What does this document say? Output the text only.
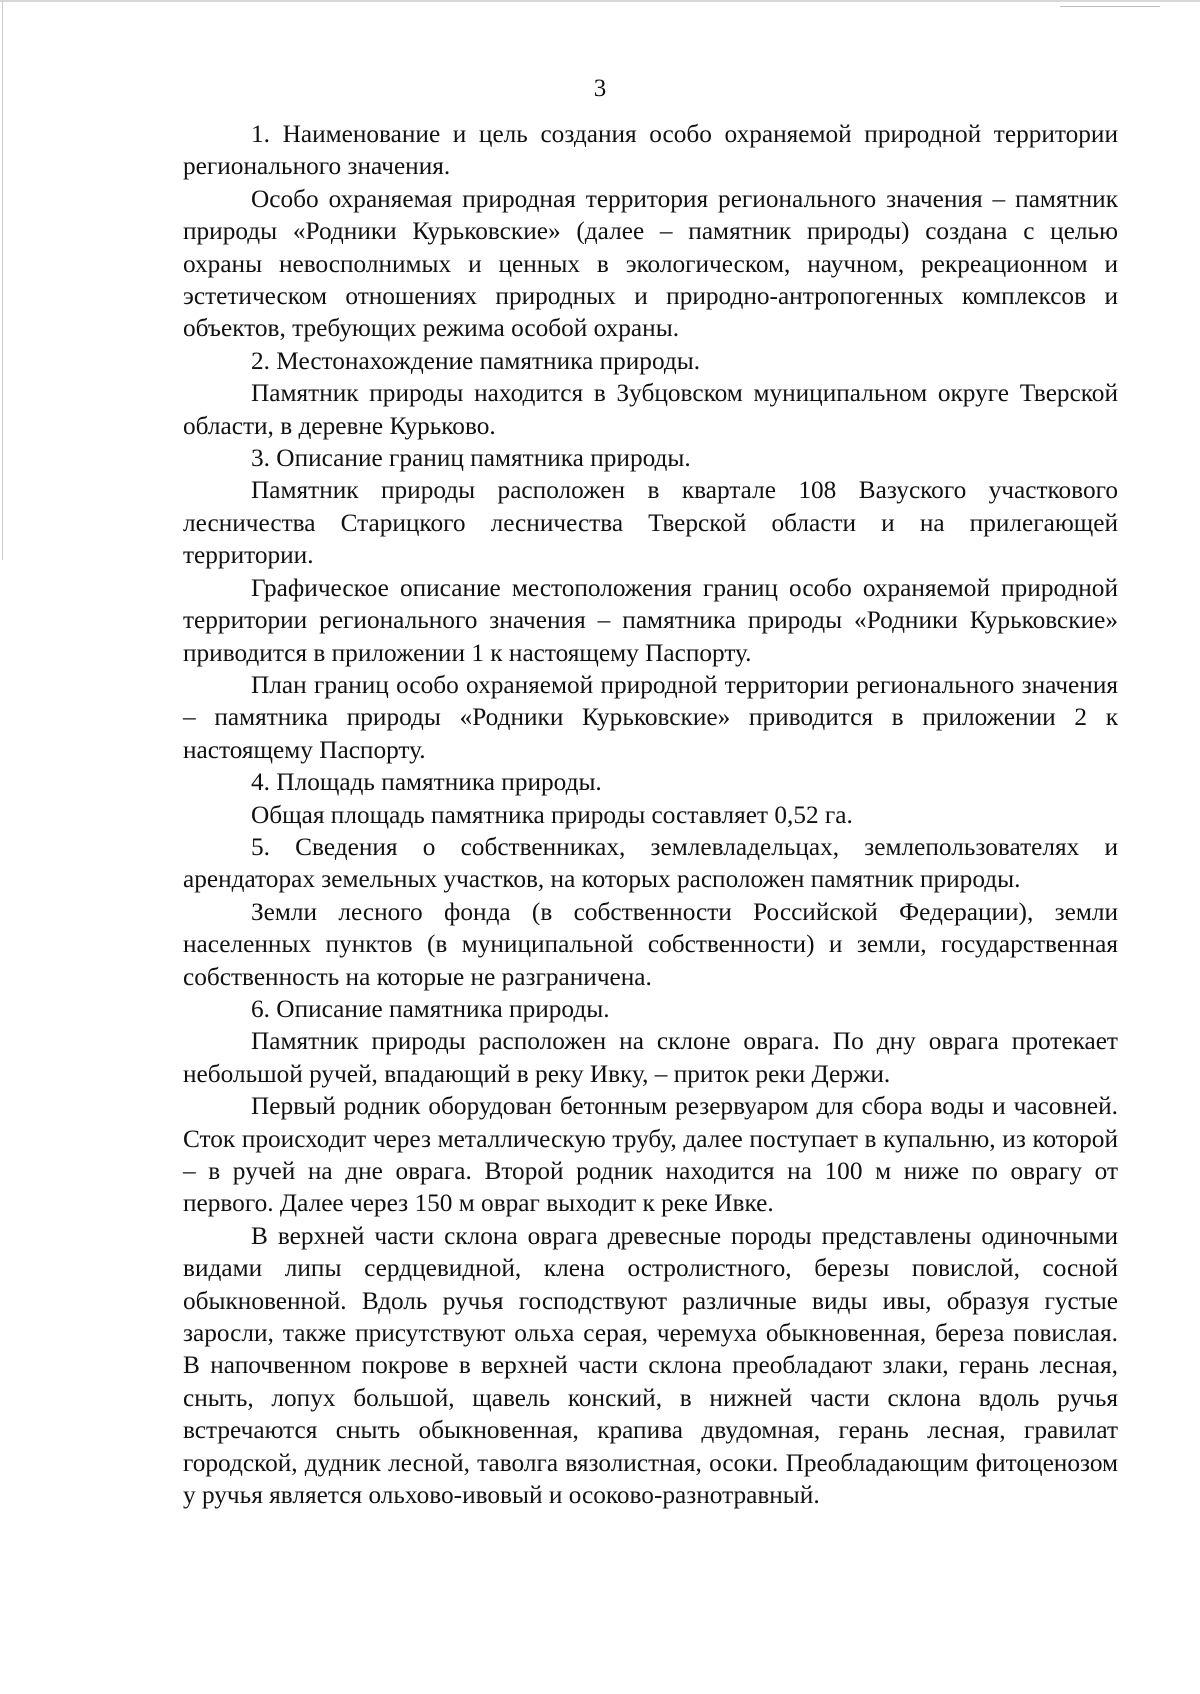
3

1. Наименование и цель создания особо охраняемой природной территории регионального значения.

Особо охраняемая природная территория регионального значения – памятник природы «Родники Курьковские» (далее – памятник природы) создана с целью охраны невосполнимых и ценных в экологическом, научном, рекреационном и эстетическом отношениях природных и природно-антропогенных комплексов и объектов, требующих режима особой охраны.

2. Местонахождение памятника природы.

Памятник природы находится в Зубцовском муниципальном округе Тверской области, в деревне Курьково.

3. Описание границ памятника природы.

Памятник природы расположен в квартале 108 Вазуского участкового лесничества Старицкого лесничества Тверской области и на прилегающей территории.

Графическое описание местоположения границ особо охраняемой природной территории регионального значения – памятника природы «Родники Курьковские» приводится в приложении 1 к настоящему Паспорту.

План границ особо охраняемой природной территории регионального значения – памятника природы «Родники Курьковские» приводится в приложении 2 к настоящему Паспорту.

4. Площадь памятника природы.

Общая площадь памятника природы составляет 0,52 га.

5. Сведения о собственниках, землевладельцах, землепользователях и арендаторах земельных участков, на которых расположен памятник природы.

Земли лесного фонда (в собственности Российской Федерации), земли населенных пунктов (в муниципальной собственности) и земли, государственная собственность на которые не разграничена.

6. Описание памятника природы.

Памятник природы расположен на склоне оврага. По дну оврага протекает небольшой ручей, впадающий в реку Ивку, – приток реки Держи.

Первый родник оборудован бетонным резервуаром для сбора воды и часовней. Сток происходит через металлическую трубу, далее поступает в купальню, из которой – в ручей на дне оврага. Второй родник находится на 100 м ниже по оврагу от первого. Далее через 150 м овраг выходит к реке Ивке.

В верхней части склона оврага древесные породы представлены одиночными видами липы сердцевидной, клена остролистного, березы повислой, сосной обыкновенной. Вдоль ручья господствуют различные виды ивы, образуя густые заросли, также присутствуют ольха серая, черемуха обыкновенная, береза повислая. В напочвенном покрове в верхней части склона преобладают злаки, герань лесная, сныть, лопух большой, щавель конский, в нижней части склона вдоль ручья встречаются сныть обыкновенная, крапива двудомная, герань лесная, гравилат городской, дудник лесной, таволга вязолистная, осоки. Преобладающим фитоценозом у ручья является ольхово-ивовый и осоково-разнотравный.
